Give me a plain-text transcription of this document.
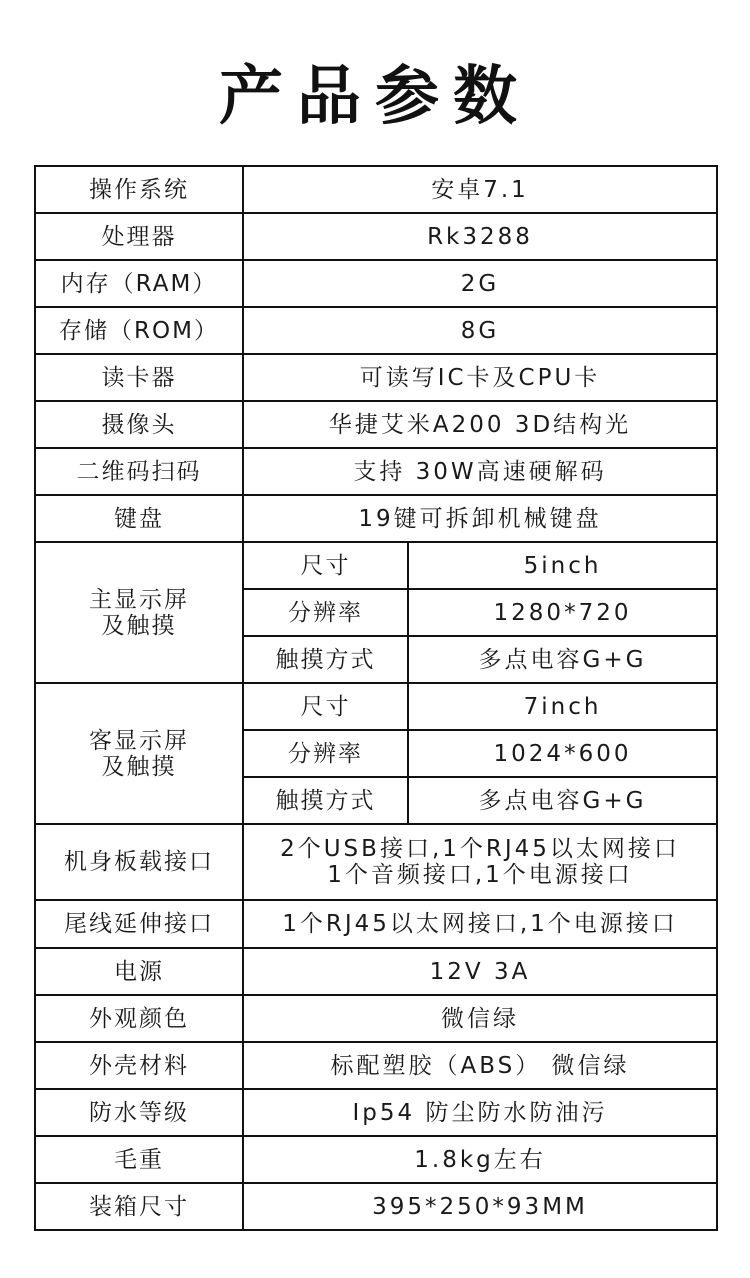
产品参数
操作系统	安卓7.1	
处理器	Rk3288	
内存（RAM）	2G	
存储（ROM）	8G	
读卡器	可读写IC卡及CPU卡	
摄像头	华捷艾米A200 3D结构光	
二维码扫码	支持 30W高速硬解码	
键盘	19键可拆卸机械键盘	

主显示屏
及触摸	尺寸	5inch
	分辨率	1280*720
	触摸方式	多点电容G+G

客显示屏
及触摸	尺寸	7inch
	分辨率	1024*600
	触摸方式	多点电容G+G
机身板载接口	2个USB接口,1个RJ45以太网接口
1个音频接口,1个电源接口	

尾线延伸接口	1个RJ45以太网接口,1个电源接口	
电源	12V 3A	
外观颜色	微信绿	
外壳材料	标配塑胶（ABS） 微信绿	
防水等级	Ip54 防尘防水防油污	
毛重	1.8kg左右	
装箱尺寸	395*250*93MM	
